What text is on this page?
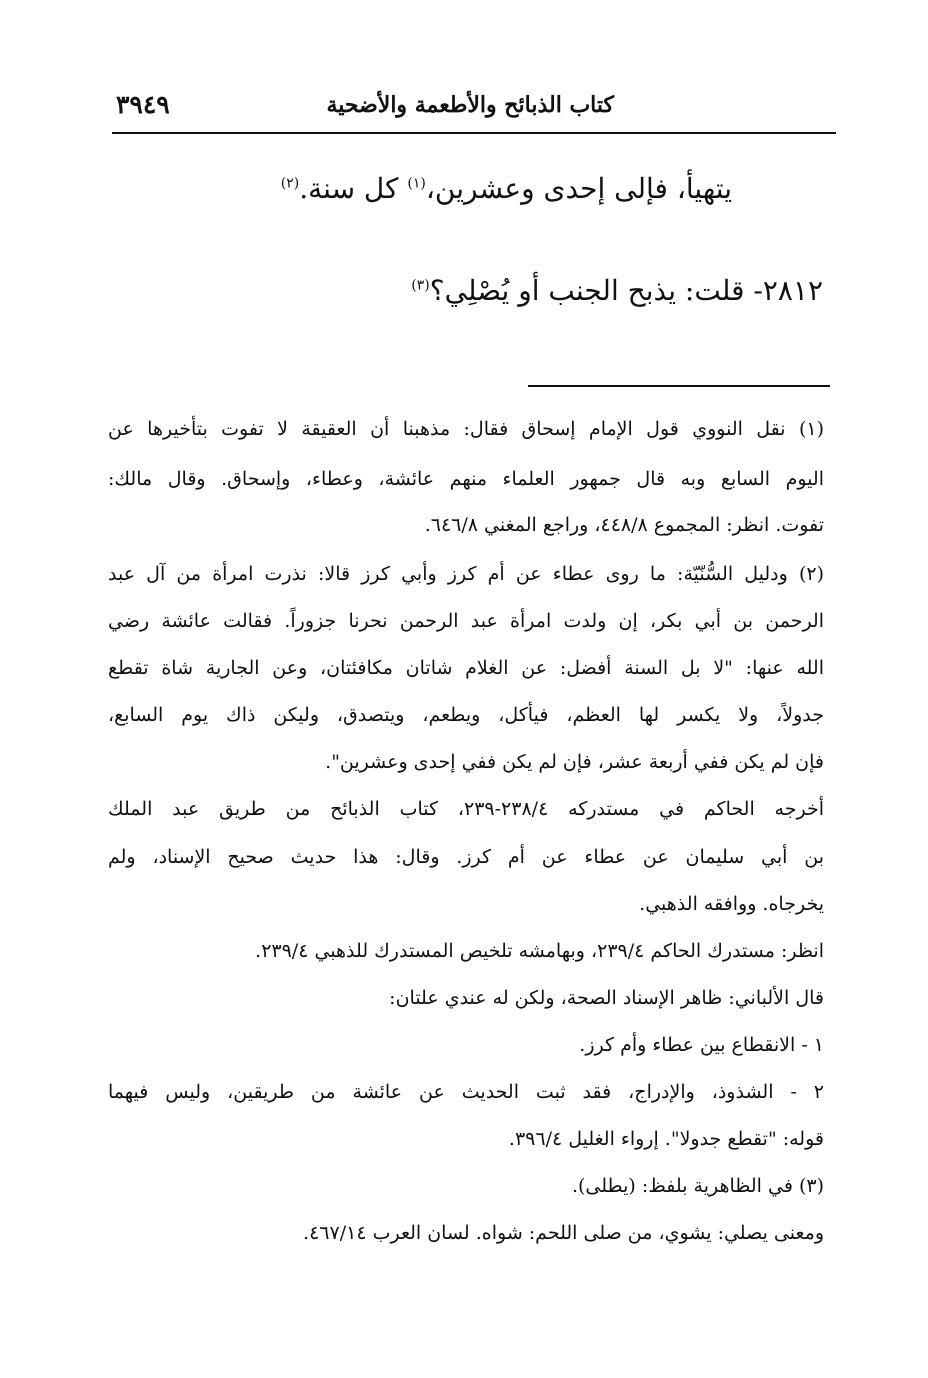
كتاب الذبائح والأطعمة والأضحية
٣٩٤٩
يتهيأ، فإلى إحدى وعشرين،$^{(١)}$ كل سنة.$^{(٢)}$
٢٨١٢- قلت: يذبح الجنب أو يُصْلِي؟$^{(٣)}$
(١) نقل النووي قول الإمام إسحاق فقال: مذهبنا أن العقيقة لا تفوت بتأخيرها عن
اليوم السابع وبه قال جمهور العلماء منهم عائشة، وعطاء، وإسحاق. وقال مالك:
تفوت. انظر: المجموع ٤٤٨/٨، وراجع المغني ٦٤٦/٨.
(٢) ودليل السُّنّيّة: ما روى عطاء عن أم كرز وأبي كرز قالا: نذرت امرأة من آل عبد
الرحمن بن أبي بكر، إن ولدت امرأة عبد الرحمن نحرنا جزوراً. فقالت عائشة رضي
الله عنها: "لا بل السنة أفضل: عن الغلام شاتان مكافئتان، وعن الجارية شاة تقطع
جدولاً، ولا يكسر لها العظم، فيأكل، ويطعم، ويتصدق، وليكن ذاك يوم السابع،
فإن لم يكن ففي أربعة عشر، فإن لم يكن ففي إحدى وعشرين".
أخرجه الحاكم في مستدركه ٢٣٨/٤-٢٣٩، كتاب الذبائح من طريق عبد الملك
بن أبي سليمان عن عطاء عن أم كرز. وقال: هذا حديث صحيح الإسناد، ولم
يخرجاه. ووافقه الذهبي.
انظر: مستدرك الحاكم ٢٣٩/٤، وبهامشه تلخيص المستدرك للذهبي ٢٣٩/٤.
قال الألباني: ظاهر الإسناد الصحة، ولكن له عندي علتان:
١ - الانقطاع بين عطاء وأم كرز.
٢ - الشذوذ، والإدراج، فقد ثبت الحديث عن عائشة من طريقين، وليس فيهما
قوله: "تقطع جدولا". إرواء الغليل ٣٩٦/٤.
(٣) في الظاهرية بلفظ: (يطلى).
ومعنى يصلي: يشوي، من صلى اللحم: شواه. لسان العرب ٤٦٧/١٤.
